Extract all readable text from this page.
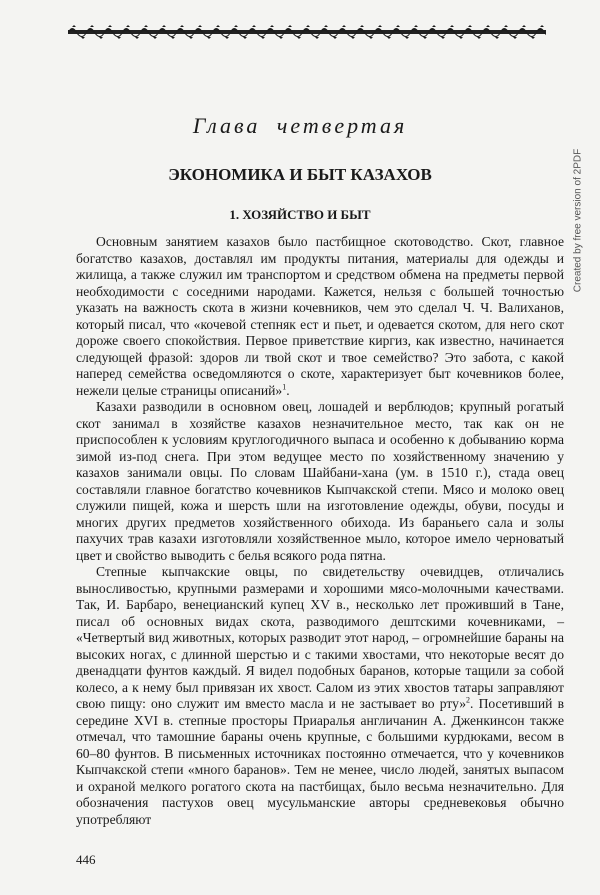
Created by free version of 2PDF
Глава четвертая
ЭКОНОМИКА И БЫТ КАЗАХОВ
1. ХОЗЯЙСТВО И БЫТ

Основным занятием казахов было пастбищное скотоводство. Скот, главное богатство казахов, доставлял им продукты питания, материалы для одежды и жилища, а также служил им транспортом и средством обмена на предметы первой необходимости с соседними народами. Кажется, нельзя с большей точностью указать на важность скота в жизни кочевников, чем это сделал Ч. Ч. Валиханов, который писал, что «кочевой степняк ест и пьет, и одевается скотом, для него скот дороже своего спокойствия. Первое приветствие киргиз, как известно, начинается следующей фразой: здоров ли твой скот и твое семейство? Это забота, с какой наперед семейства осведомляются о скоте, характеризует быт кочевников более, нежели целые страницы описаний»$^1$.

Казахи разводили в основном овец, лошадей и верблюдов; крупный рогатый скот занимал в хозяйстве казахов незначительное место, так как он не приспособлен к условиям круглогодичного выпаса и особенно к добыванию корма зимой из-под снега. При этом ведущее место по хозяйственному значению у казахов занимали овцы. По словам Шайбани-хана (ум. в 1510 г.), стада овец составляли главное богатство кочевников Кыпчакской степи. Мясо и молоко овец служили пищей, кожа и шерсть шли на изготовление одежды, обуви, посуды и многих других предметов хозяйственного обихода. Из бараньего сала и золы пахучих трав казахи изготовляли хозяйственное мыло, которое имело черноватый цвет и свойство выводить с белья всякого рода пятна.

Степные кыпчакские овцы, по свидетельству очевидцев, отличались выносливостью, крупными размерами и хорошими мясо-молочными качествами. Так, И. Барбаро, венецианский купец XV в., несколько лет проживший в Тане, писал об основных видах скота, разводимого дештскими кочевниками, – «Четвертый вид животных, которых разводит этот народ, – огромнейшие бараны на высоких ногах, с длинной шерстью и с такими хвостами, что некоторые весят до двенадцати фунтов каждый. Я видел подобных баранов, которые тащили за собой колесо, а к нему был привязан их хвост. Салом из этих хвостов татары заправляют свою пищу: оно служит им вместо масла и не застывает во рту»$^2$. Посетивший в середине XVI в. степные просторы Приаралья англичанин А. Дженкинсон также отмечал, что тамошние бараны очень крупные, с большими курдюками, весом в 60–80 фунтов. В письменных источниках постоянно отмечается, что у кочевников Кыпчакской степи «много баранов». Тем не менее, число людей, занятых выпасом и охраной мелкого рогатого скота на пастбищах, было весьма незначительно. Для обозначения пастухов овец мусульманские авторы средневековья обычно употребляют

446
